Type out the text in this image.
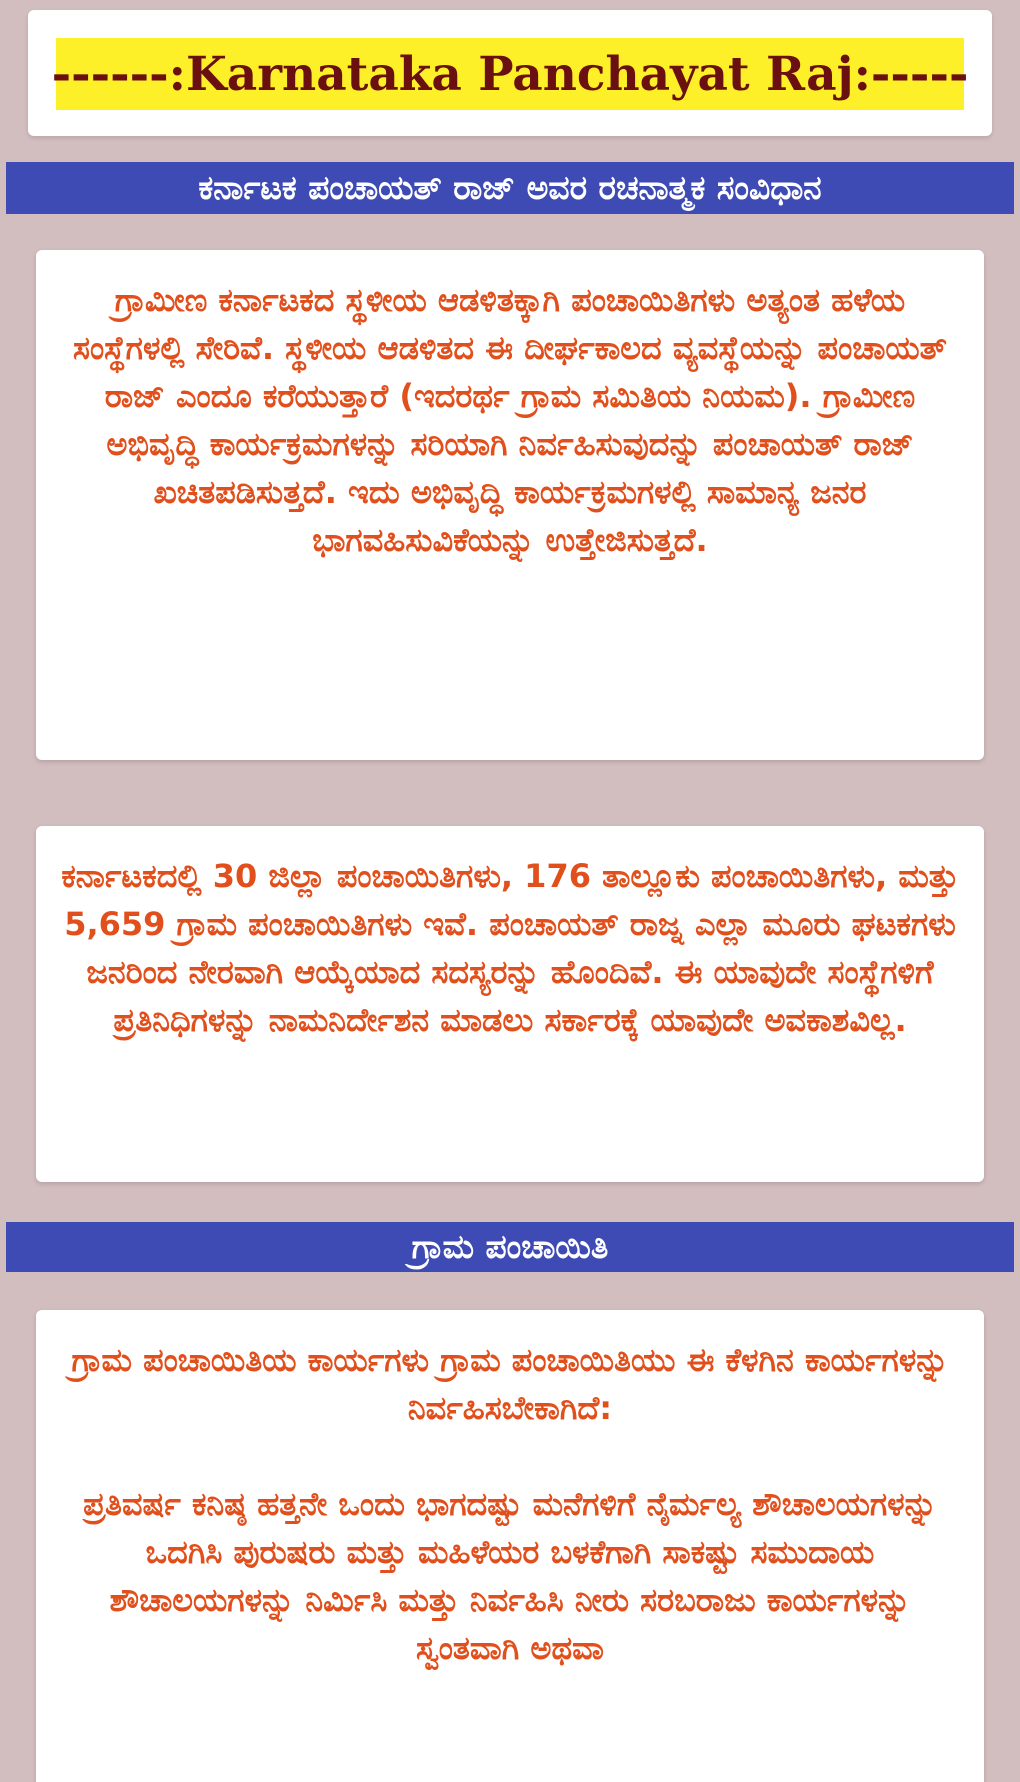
------:Karnataka Panchayat Raj:-----
ಕರ್ನಾಟಕ ಪಂಚಾಯತ್ ರಾಜ್ ಅವರ ರಚನಾತ್ಮಕ ಸಂವಿಧಾನ

ಗ್ರಾಮೀಣ ಕರ್ನಾಟಕದ ಸ್ಥಳೀಯ ಆಡಳಿತಕ್ಕಾಗಿ ಪಂಚಾಯಿತಿಗಳು ಅತ್ಯಂತ ಹಳೆಯ ಸಂಸ್ಥೆಗಳಲ್ಲಿ ಸೇರಿವೆ. ಸ್ಥಳೀಯ ಆಡಳಿತದ ಈ ದೀರ್ಘಕಾಲದ ವ್ಯವಸ್ಥೆಯನ್ನು ಪಂಚಾಯತ್ ರಾಜ್ ಎಂದೂ ಕರೆಯುತ್ತಾರೆ (ಇದರರ್ಥ ಗ್ರಾಮ ಸಮಿತಿಯ ನಿಯಮ). ಗ್ರಾಮೀಣ ಅಭಿವೃದ್ಧಿ ಕಾರ್ಯಕ್ರಮಗಳನ್ನು ಸರಿಯಾಗಿ ನಿರ್ವಹಿಸುವುದನ್ನು ಪಂಚಾಯತ್ ರಾಜ್ ಖಚಿತಪಡಿಸುತ್ತದೆ. ಇದು ಅಭಿವೃದ್ಧಿ ಕಾರ್ಯಕ್ರಮಗಳಲ್ಲಿ ಸಾಮಾನ್ಯ ಜನರ ಭಾಗವಹಿಸುವಿಕೆಯನ್ನು ಉತ್ತೇಜಿಸುತ್ತದೆ.

ಕರ್ನಾಟಕದಲ್ಲಿ 30 ಜಿಲ್ಲಾ ಪಂಚಾಯಿತಿಗಳು, 176 ತಾಲ್ಲೂಕು ಪಂಚಾಯಿತಿಗಳು, ಮತ್ತು 5,659 ಗ್ರಾಮ ಪಂಚಾಯಿತಿಗಳು ಇವೆ. ಪಂಚಾಯತ್ ರಾಜ್ನ ಎಲ್ಲಾ ಮೂರು ಘಟಕಗಳು ಜನರಿಂದ ನೇರವಾಗಿ ಆಯ್ಕೆಯಾದ ಸದಸ್ಯರನ್ನು ಹೊಂದಿವೆ. ಈ ಯಾವುದೇ ಸಂಸ್ಥೆಗಳಿಗೆ ಪ್ರತಿನಿಧಿಗಳನ್ನು ನಾಮನಿರ್ದೇಶನ ಮಾಡಲು ಸರ್ಕಾರಕ್ಕೆ ಯಾವುದೇ ಅವಕಾಶವಿಲ್ಲ.

ಗ್ರಾಮ ಪಂಚಾಯಿತಿ

ಗ್ರಾಮ ಪಂಚಾಯಿತಿಯ ಕಾರ್ಯಗಳು ಗ್ರಾಮ ಪಂಚಾಯಿತಿಯು ಈ ಕೆಳಗಿನ ಕಾರ್ಯಗಳನ್ನು ನಿರ್ವಹಿಸಬೇಕಾಗಿದೆ:

ಪ್ರತಿವರ್ಷ ಕನಿಷ್ಠ ಹತ್ತನೇ ಒಂದು ಭಾಗದಷ್ಟು ಮನೆಗಳಿಗೆ ನೈರ್ಮಲ್ಯ ಶೌಚಾಲಯಗಳನ್ನು ಒದಗಿಸಿ ಪುರುಷರು ಮತ್ತು ಮಹಿಳೆಯರ ಬಳಕೆಗಾಗಿ ಸಾಕಷ್ಟು ಸಮುದಾಯ ಶೌಚಾಲಯಗಳನ್ನು ನಿರ್ಮಿಸಿ ಮತ್ತು ನಿರ್ವಹಿಸಿ ನೀರು ಸರಬರಾಜು ಕಾರ್ಯಗಳನ್ನು ಸ್ವಂತವಾಗಿ ಅಥವಾ
